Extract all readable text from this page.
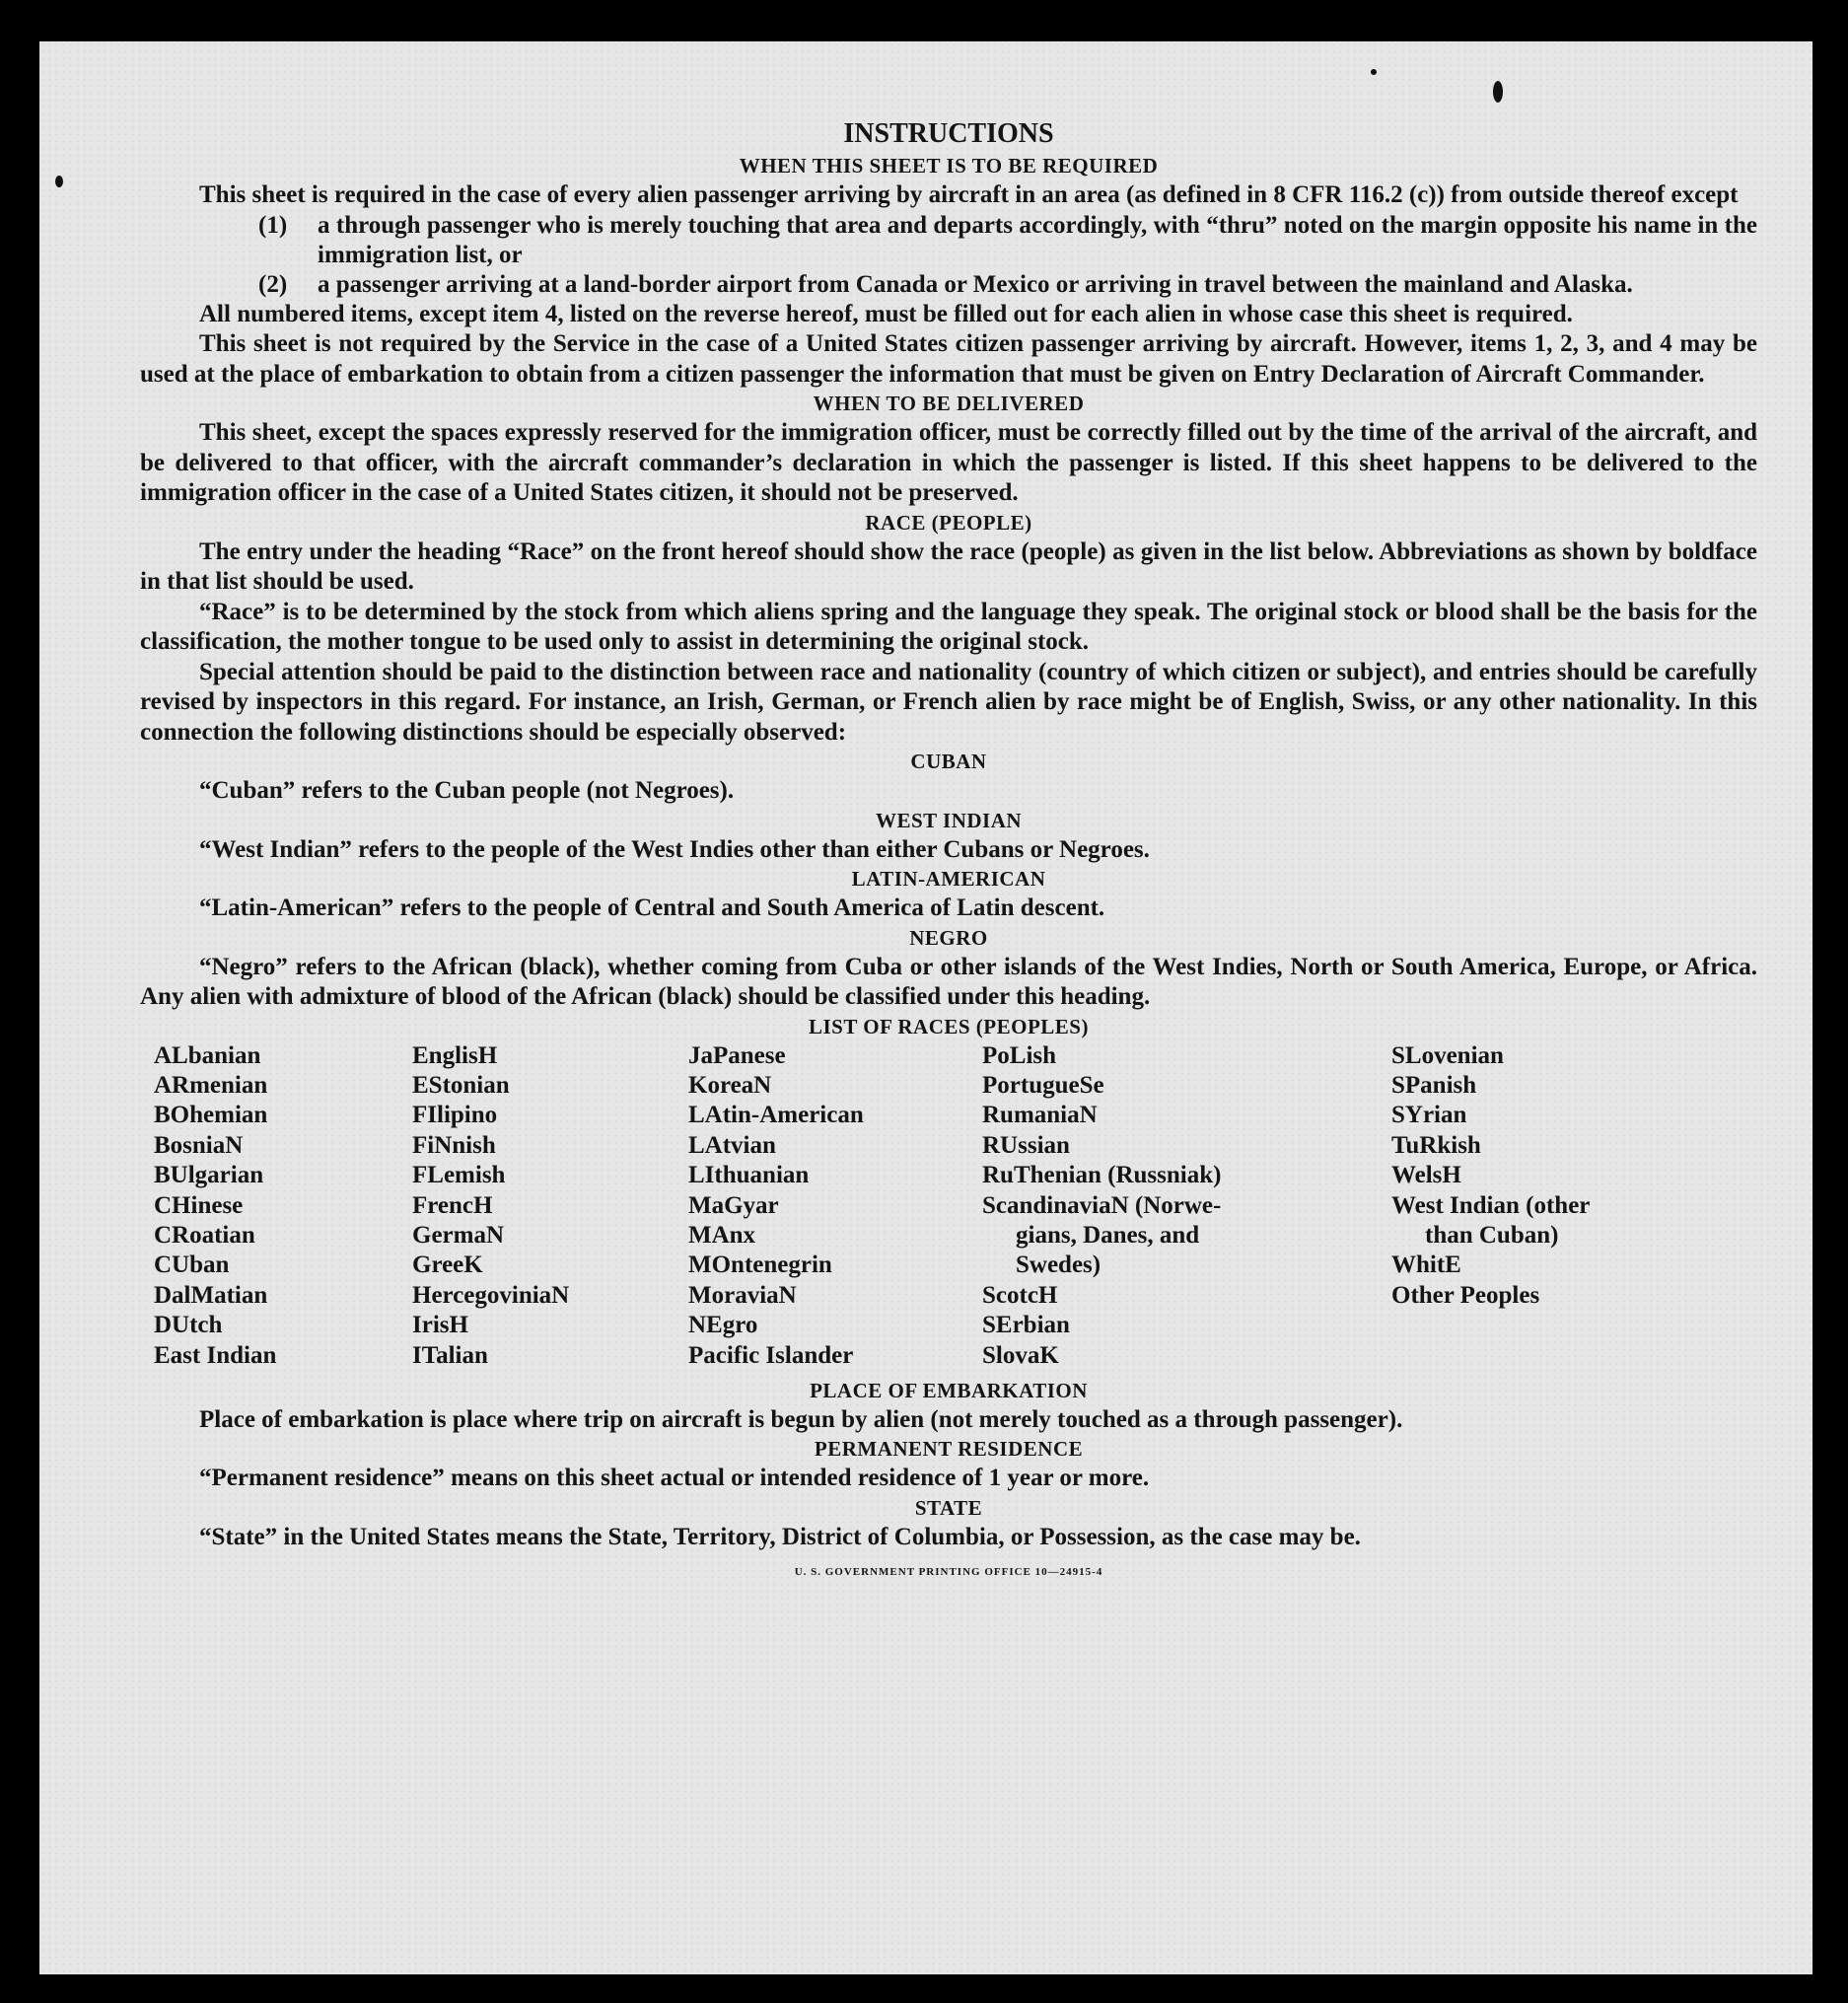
INSTRUCTIONS
WHEN THIS SHEET IS TO BE REQUIRED

This sheet is required in the case of every alien passenger arriving by aircraft in an area (as defined in 8 CFR 116.2 (c)) from outside thereof except

(1)	a through passenger who is merely touching that area and departs accordingly, with “thru” noted on the margin opposite his name in the immigration list, or
(2)	a passenger arriving at a land-border airport from Canada or Mexico or arriving in travel between the mainland and Alaska.

All numbered items, except item 4, listed on the reverse hereof, must be filled out for each alien in whose case this sheet is required.

This sheet is not required by the Service in the case of a United States citizen passenger arriving by aircraft. However, items 1, 2, 3, and 4 may be used at the place of embarkation to obtain from a citizen passenger the information that must be given on Entry Declaration of Aircraft Commander.

WHEN TO BE DELIVERED

This sheet, except the spaces expressly reserved for the immigration officer, must be correctly filled out by the time of the arrival of the aircraft, and be delivered to that officer, with the aircraft commander’s declaration in which the passenger is listed. If this sheet happens to be delivered to the immigration officer in the case of a United States citizen, it should not be preserved.

RACE (PEOPLE)

The entry under the heading “Race” on the front hereof should show the race (people) as given in the list below. Abbreviations as shown by boldface in that list should be used.

“Race” is to be determined by the stock from which aliens spring and the language they speak. The original stock or blood shall be the basis for the classification, the mother tongue to be used only to assist in determining the original stock.

Special attention should be paid to the distinction between race and nationality (country of which citizen or subject), and entries should be carefully revised by inspectors in this regard. For instance, an Irish, German, or French alien by race might be of English, Swiss, or any other nationality. In this connection the following distinctions should be especially observed:

CUBAN

“Cuban” refers to the Cuban people (not Negroes).

WEST INDIAN

“West Indian” refers to the people of the West Indies other than either Cubans or Negroes.

LATIN-AMERICAN

“Latin-American” refers to the people of Central and South America of Latin descent.

NEGRO

“Negro” refers to the African (black), whether coming from Cuba or other islands of the West Indies, North or South America, Europe, or Africa. Any alien with admixture of blood of the African (black) should be classified under this heading.

LIST OF RACES (PEOPLES)
ALbanian
ARmenian
BOhemian
BosniaN
BUlgarian
CHinese
CRoatian
CUban
DalMatian
DUtch
East Indian
EnglisH
EStonian
FIlipino
FiNnish
FLemish
FrencH
GermaN
GreeK
HercegoviniaN
IrisH
ITalian
JaPanese
KoreaN
LAtin-American
LAtvian
LIthuanian
MaGyar
MAnx
MOntenegrin
MoraviaN
NEgro
Pacific Islander
PoLish
PortugueSe
RumaniaN
RUssian
RuThenian (Russniak)
ScandinaviaN (Norwe-
gians, Danes, and
Swedes)
ScotcH
SErbian
SlovaK
SLovenian
SPanish
SYrian
TuRkish
WelsH
West Indian (other
than Cuban)
WhitE
Other Peoples
PLACE OF EMBARKATION

Place of embarkation is place where trip on aircraft is begun by alien (not merely touched as a through passenger).

PERMANENT RESIDENCE

“Permanent residence” means on this sheet actual or intended residence of 1 year or more.

STATE

“State” in the United States means the State, Territory, District of Columbia, or Possession, as the case may be.

U. S. GOVERNMENT PRINTING OFFICE 10—24915-4
